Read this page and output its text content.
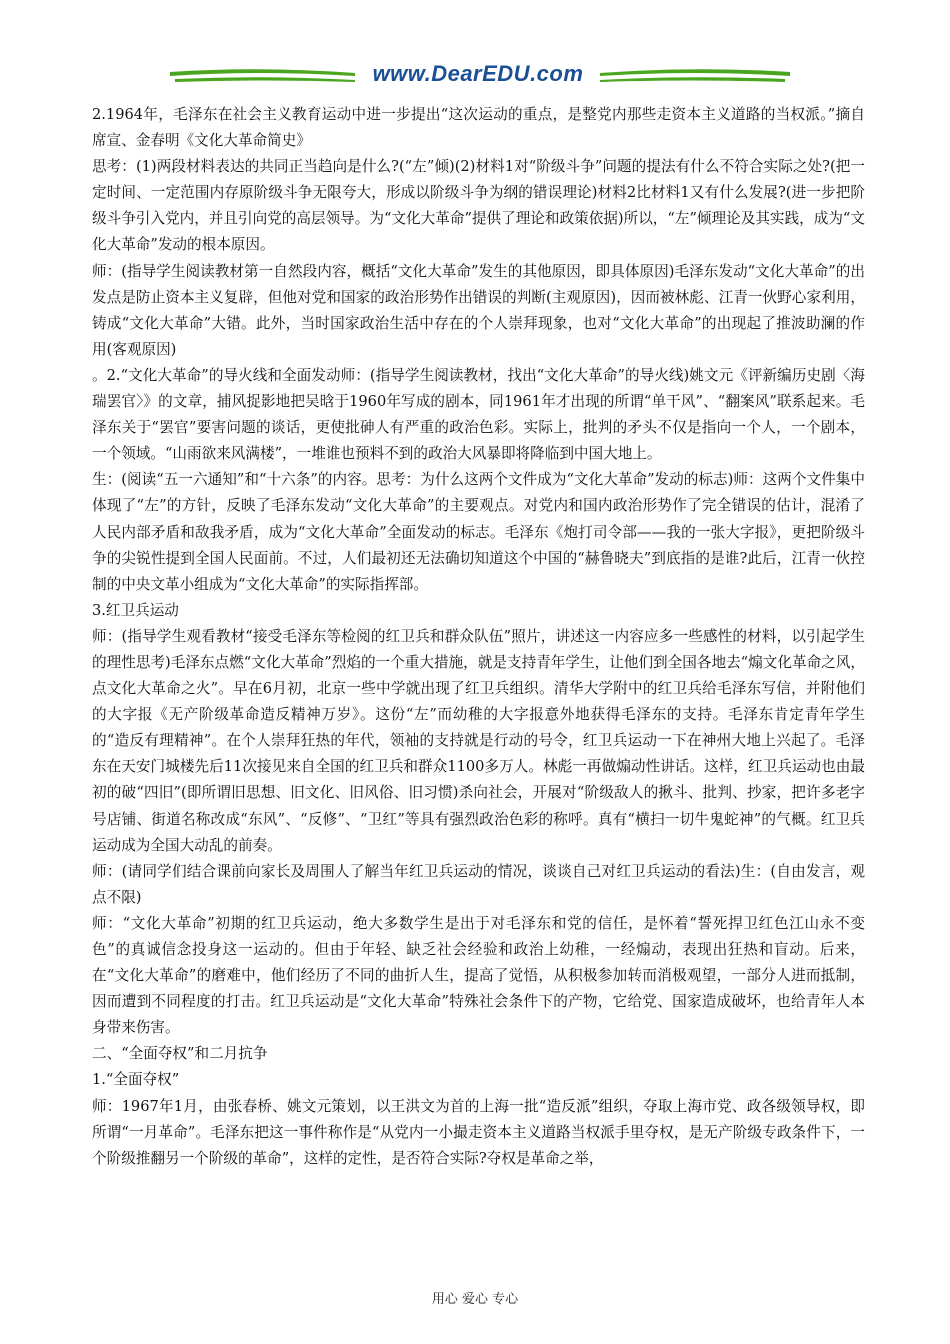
www.DearEDU.com

2.1964年，毛泽东在社会主义教育运动中进一步提出“这次运动的重点，是整党内那些走资本主义道路的当权派。”摘自席宣、金春明《文化大革命简史》

思考：(1)两段材料表达的共同正当趋向是什么?(“左”倾)(2)材料1对“阶级斗争”问题的提法有什么不符合实际之处?(把一定时间、一定范围内存原阶级斗争无限夸大，形成以阶级斗争为纲的错误理论)材料2比材料1又有什么发展?(进一步把阶级斗争引入党内，并且引向党的高层领导。为“文化大革命”提供了理论和政策依据)所以，“左”倾理论及其实践，成为“文化大革命”发动的根本原因。

师：(指导学生阅读教材第一自然段内容，概括“文化大革命”发生的其他原因，即具体原因)毛泽东发动“文化大革命”的出发点是防止资本主义复辟，但他对党和国家的政治形势作出错误的判断(主观原因)，因而被林彪、江青一伙野心家利用，铸成“文化大革命”大错。此外，当时国家政治生活中存在的个人崇拜现象，也对“文化大革命”的出现起了推波助澜的作用(客观原因)

。2.“文化大革命”的导火线和全面发动师：(指导学生阅读教材，找出“文化大革命”的导火线)姚文元《评新编历史剧〈海瑞罢官〉》的文章，捕风捉影地把吴晗于1960年写成的剧本，同1961年才出现的所谓“单干风”、“翻案风”联系起来。毛泽东关于“罢官”要害问题的谈话，更使批砷人有严重的政治色彩。实际上，批判的矛头不仅是指向一个人，一个剧本，一个领域。“山雨欲来风满楼”，一堆谁也预料不到的政治大风暴即将降临到中国大地上。

生：(阅读“五一六通知”和“十六条”的内容。思考：为什么这两个文件成为“文化大革命”发动的标志)师：这两个文件集中体现了“左”的方针，反映了毛泽东发动“文化大革命”的主要观点。对党内和国内政治形势作了完全错误的估计，混淆了人民内部矛盾和敌我矛盾，成为“文化大革命”全面发动的标志。毛泽东《炮打司令部——我的一张大字报》，更把阶级斗争的尖锐性提到全国人民面前。不过，人们最初还无法确切知道这个中国的“赫鲁晓夫”到底指的是谁?此后，江青一伙控制的中央文革小组成为“文化大革命”的实际指挥部。

3.红卫兵运动

师：(指导学生观看教材“接受毛泽东等检阅的红卫兵和群众队伍”照片，讲述这一内容应多一些感性的材料，以引起学生的理性思考)毛泽东点燃“文化大革命”烈焰的一个重大措施，就是支持青年学生，让他们到全国各地去“煽文化革命之风，点文化大革命之火”。早在6月初，北京一些中学就出现了红卫兵组织。清华大学附中的红卫兵给毛泽东写信，并附他们的大字报《无产阶级革命造反精神万岁》。这份“左”而幼稚的大字报意外地获得毛泽东的支持。毛泽东肯定青年学生的“造反有理精神”。在个人崇拜狂热的年代，领袖的支持就是行动的号令，红卫兵运动一下在神州大地上兴起了。毛泽东在天安门城楼先后11次接见来自全国的红卫兵和群众1100多万人。林彪一再做煽动性讲话。这样，红卫兵运动也由最初的破“四旧”(即所谓旧思想、旧文化、旧风俗、旧习惯)杀向社会，开展对“阶级敌人的揪斗、批判、抄家，把许多老字号店铺、街道名称改成“东风”、“反修”、“卫红”等具有强烈政治色彩的称呼。真有“横扫一切牛鬼蛇神”的气概。红卫兵运动成为全国大动乱的前奏。

师：(请同学们结合课前向家长及周围人了解当年红卫兵运动的情况，谈谈自己对红卫兵运动的看法)生：(自由发言，观点不限)

师：“文化大革命”初期的红卫兵运动，绝大多数学生是出于对毛泽东和党的信任，是怀着“誓死捍卫红色江山永不变色”的真诚信念投身这一运动的。但由于年轻、缺乏社会经验和政治上幼稚，一经煽动，表现出狂热和盲动。后来，在“文化大革命”的磨难中，他们经历了不同的曲折人生，提高了觉悟，从积极参加转而消极观望，一部分人进而抵制，因而遭到不同程度的打击。红卫兵运动是“文化大革命”特殊社会条件下的产物，它给党、国家造成破坏，也给青年人本身带来伤害。

二、“全面夺权”和二月抗争

1.“全面夺权”

师：1967年1月，由张春桥、姚文元策划，以王洪文为首的上海一批“造反派”组织，夺取上海市党、政各级领导权，即所谓“一月革命”。毛泽东把这一事件称作是“从党内一小撮走资本主义道路当权派手里夺权，是无产阶级专政条件下，一个阶级推翻另一个阶级的革命”，这样的定性，是否符合实际?夺权是革命之举，

用心 爱心 专心
